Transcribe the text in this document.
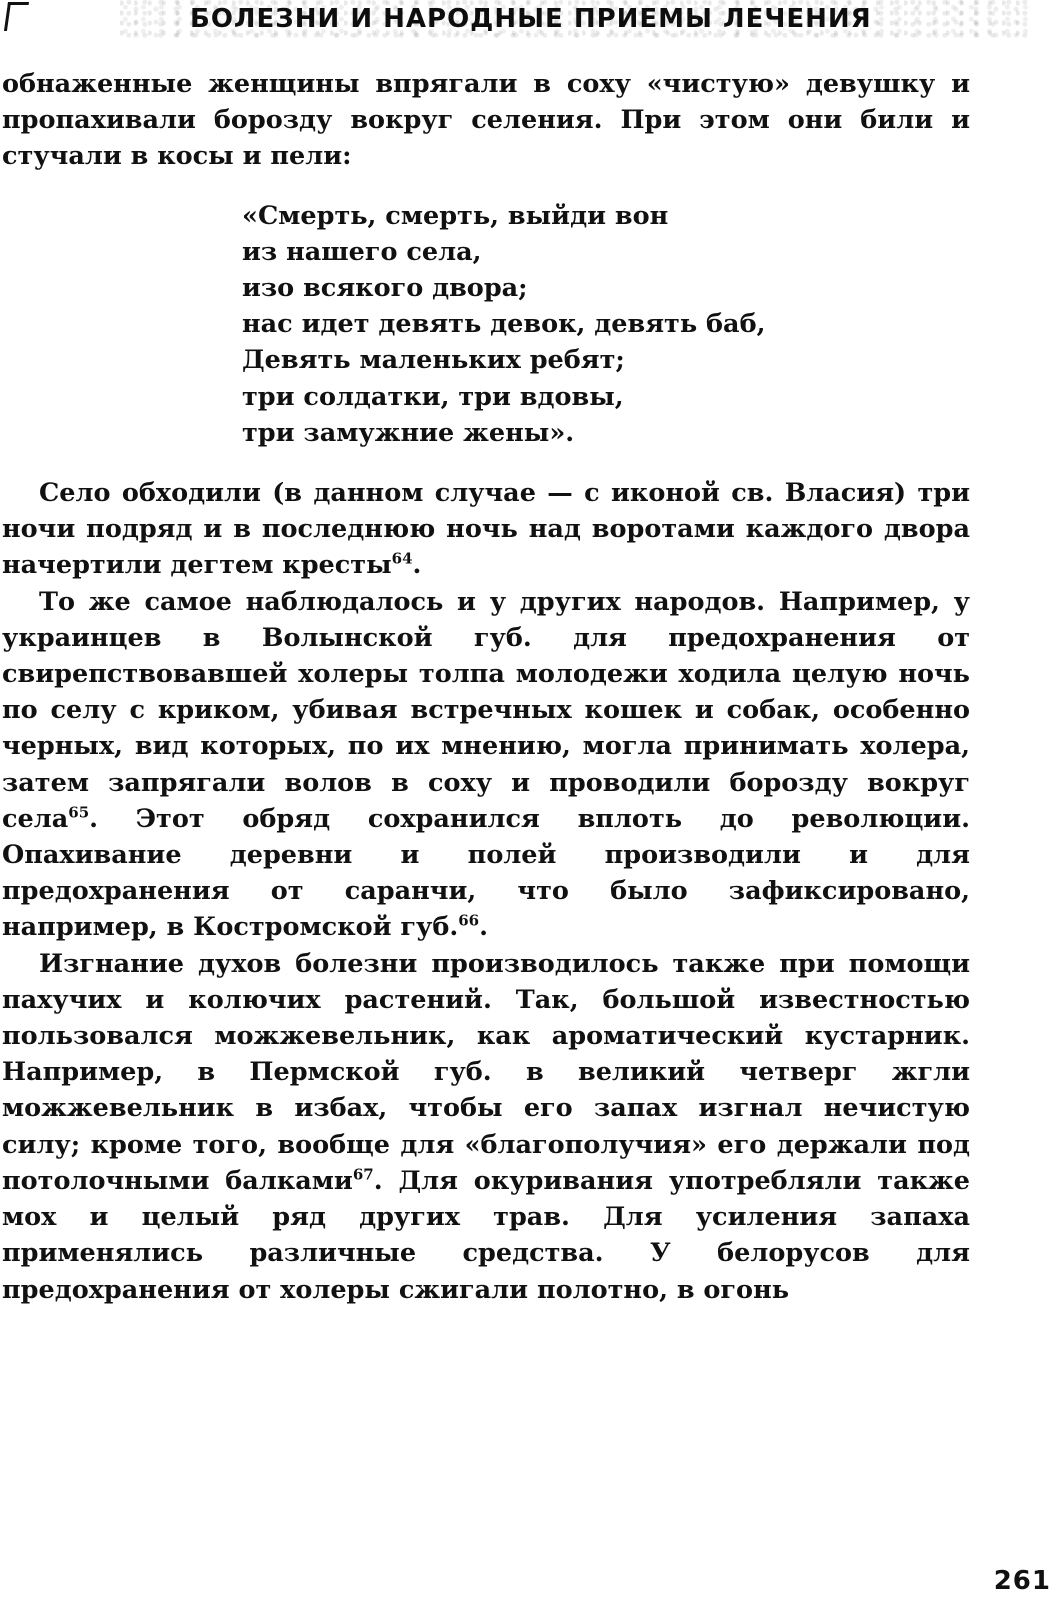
БОЛЕЗНИ И НАРОДНЫЕ ПРИЕМЫ ЛЕЧЕНИЯ

обнаженные женщины впрягали в соху «чистую» девушку и пропахивали борозду вокруг селения. При этом они били и стучали в косы и пели:

«Смерть, смерть, выйди вон
из нашего села,
изо всякого двора;
нас идет девять девок, девять баб,
Девять маленьких ребят;
три солдатки, три вдовы,
три замужние жены».

Село обходили (в данном случае — с иконой св. Власия) три ночи подряд и в последнюю ночь над воротами каждого двора начертили дегтем кресты$^{64}$.

То же самое наблюдалось и у других народов. Например, у украинцев в Волынской губ. для предохранения от свирепствовавшей холеры толпа молодежи ходила целую ночь по селу с криком, убивая встречных кошек и собак, особенно черных, вид которых, по их мнению, могла принимать холера, затем запрягали волов в соху и проводили борозду вокруг села$^{65}$. Этот обряд сохранился вплоть до революции. Опахивание деревни и полей производили и для предохранения от саранчи, что было зафиксировано, например, в Костромской губ.$^{66}$.

Изгнание духов болезни производилось также при помощи пахучих и колючих растений. Так, большой известностью пользовался можжевельник, как ароматический кустарник. Например, в Пермской губ. в великий четверг жгли можжевельник в избах, чтобы его запах изгнал нечистую силу; кроме того, вообще для «благополучия» его держали под потолочными балками$^{67}$. Для окуривания употребляли также мох и целый ряд других трав. Для усиления запаха применялись различные средства. У белорусов для предохранения от холеры сжигали полотно, в огонь

261
